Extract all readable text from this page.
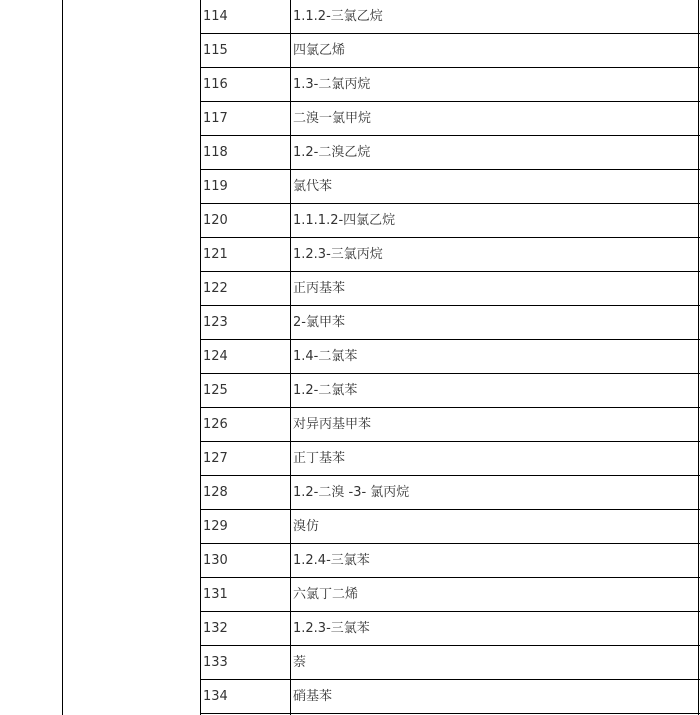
114	1.1.2-三氯乙烷
115	四氯乙烯
116	1.3-二氯丙烷
117	二溴一氯甲烷
118	1.2-二溴乙烷
119	氯代苯
120	1.1.1.2-四氯乙烷
121	1.2.3-三氯丙烷
122	正丙基苯
123	2-氯甲苯
124	1.4-二氯苯
125	1.2-二氯苯
126	对异丙基甲苯
127	正丁基苯
128	1.2-二溴 -3- 氯丙烷
129	溴仿
130	1.2.4-三氯苯
131	六氯丁二烯
132	1.2.3-三氯苯
133	萘
134	硝基苯
